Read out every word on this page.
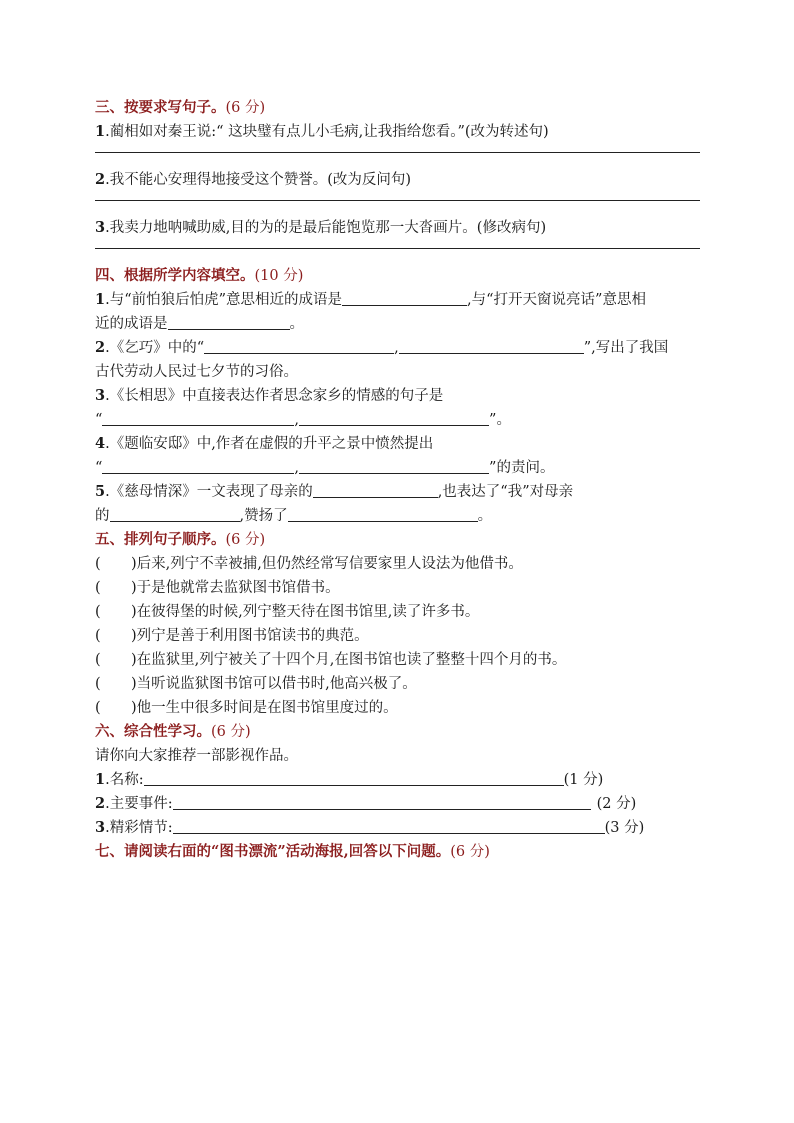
三、按要求写句子。(6 分)
1.蔺相如对秦王说:“ 这块璧有点儿小毛病,让我指给您看。”(改为转述句)
2.我不能心安理得地接受这个赞誉。(改为反问句)
3.我卖力地呐喊助威,目的为的是最后能饱览那一大沓画片。(修改病句)
四、根据所学内容填空。(10 分)
1.与“前怕狼后怕虎”意思相近的成语是	,与“打开天窗说亮话”意思相
近的成语是	。
2.《乞巧》中的“	,	”,写出了我国
古代劳动人民过七夕节的习俗。
3.《长相思》中直接表达作者思念家乡的情感的句子是
“	,	”。
4.《题临安邸》中,作者在虚假的升平之景中愤然提出
“	,	”的责问。
5.《慈母情深》一文表现了母亲的	,也表达了“我”对母亲
的	,赞扬了	。
五、排列句子顺序。(6 分)
( )后来,列宁不幸被捕,但仍然经常写信要家里人设法为他借书。
( )于是他就常去监狱图书馆借书。
( )在彼得堡的时候,列宁整天待在图书馆里,读了许多书。
( )列宁是善于利用图书馆读书的典范。
( )在监狱里,列宁被关了十四个月,在图书馆也读了整整十四个月的书。
( )当听说监狱图书馆可以借书时,他高兴极了。
( )他一生中很多时间是在图书馆里度过的。
六、综合性学习。(6 分)
请你向大家推荐一部影视作品。
1.名称:	(1 分)
2.主要事件:	(2 分)
3.精彩情节:	(3 分)
七、请阅读右面的“图书漂流”活动海报,回答以下问题。(6 分)
